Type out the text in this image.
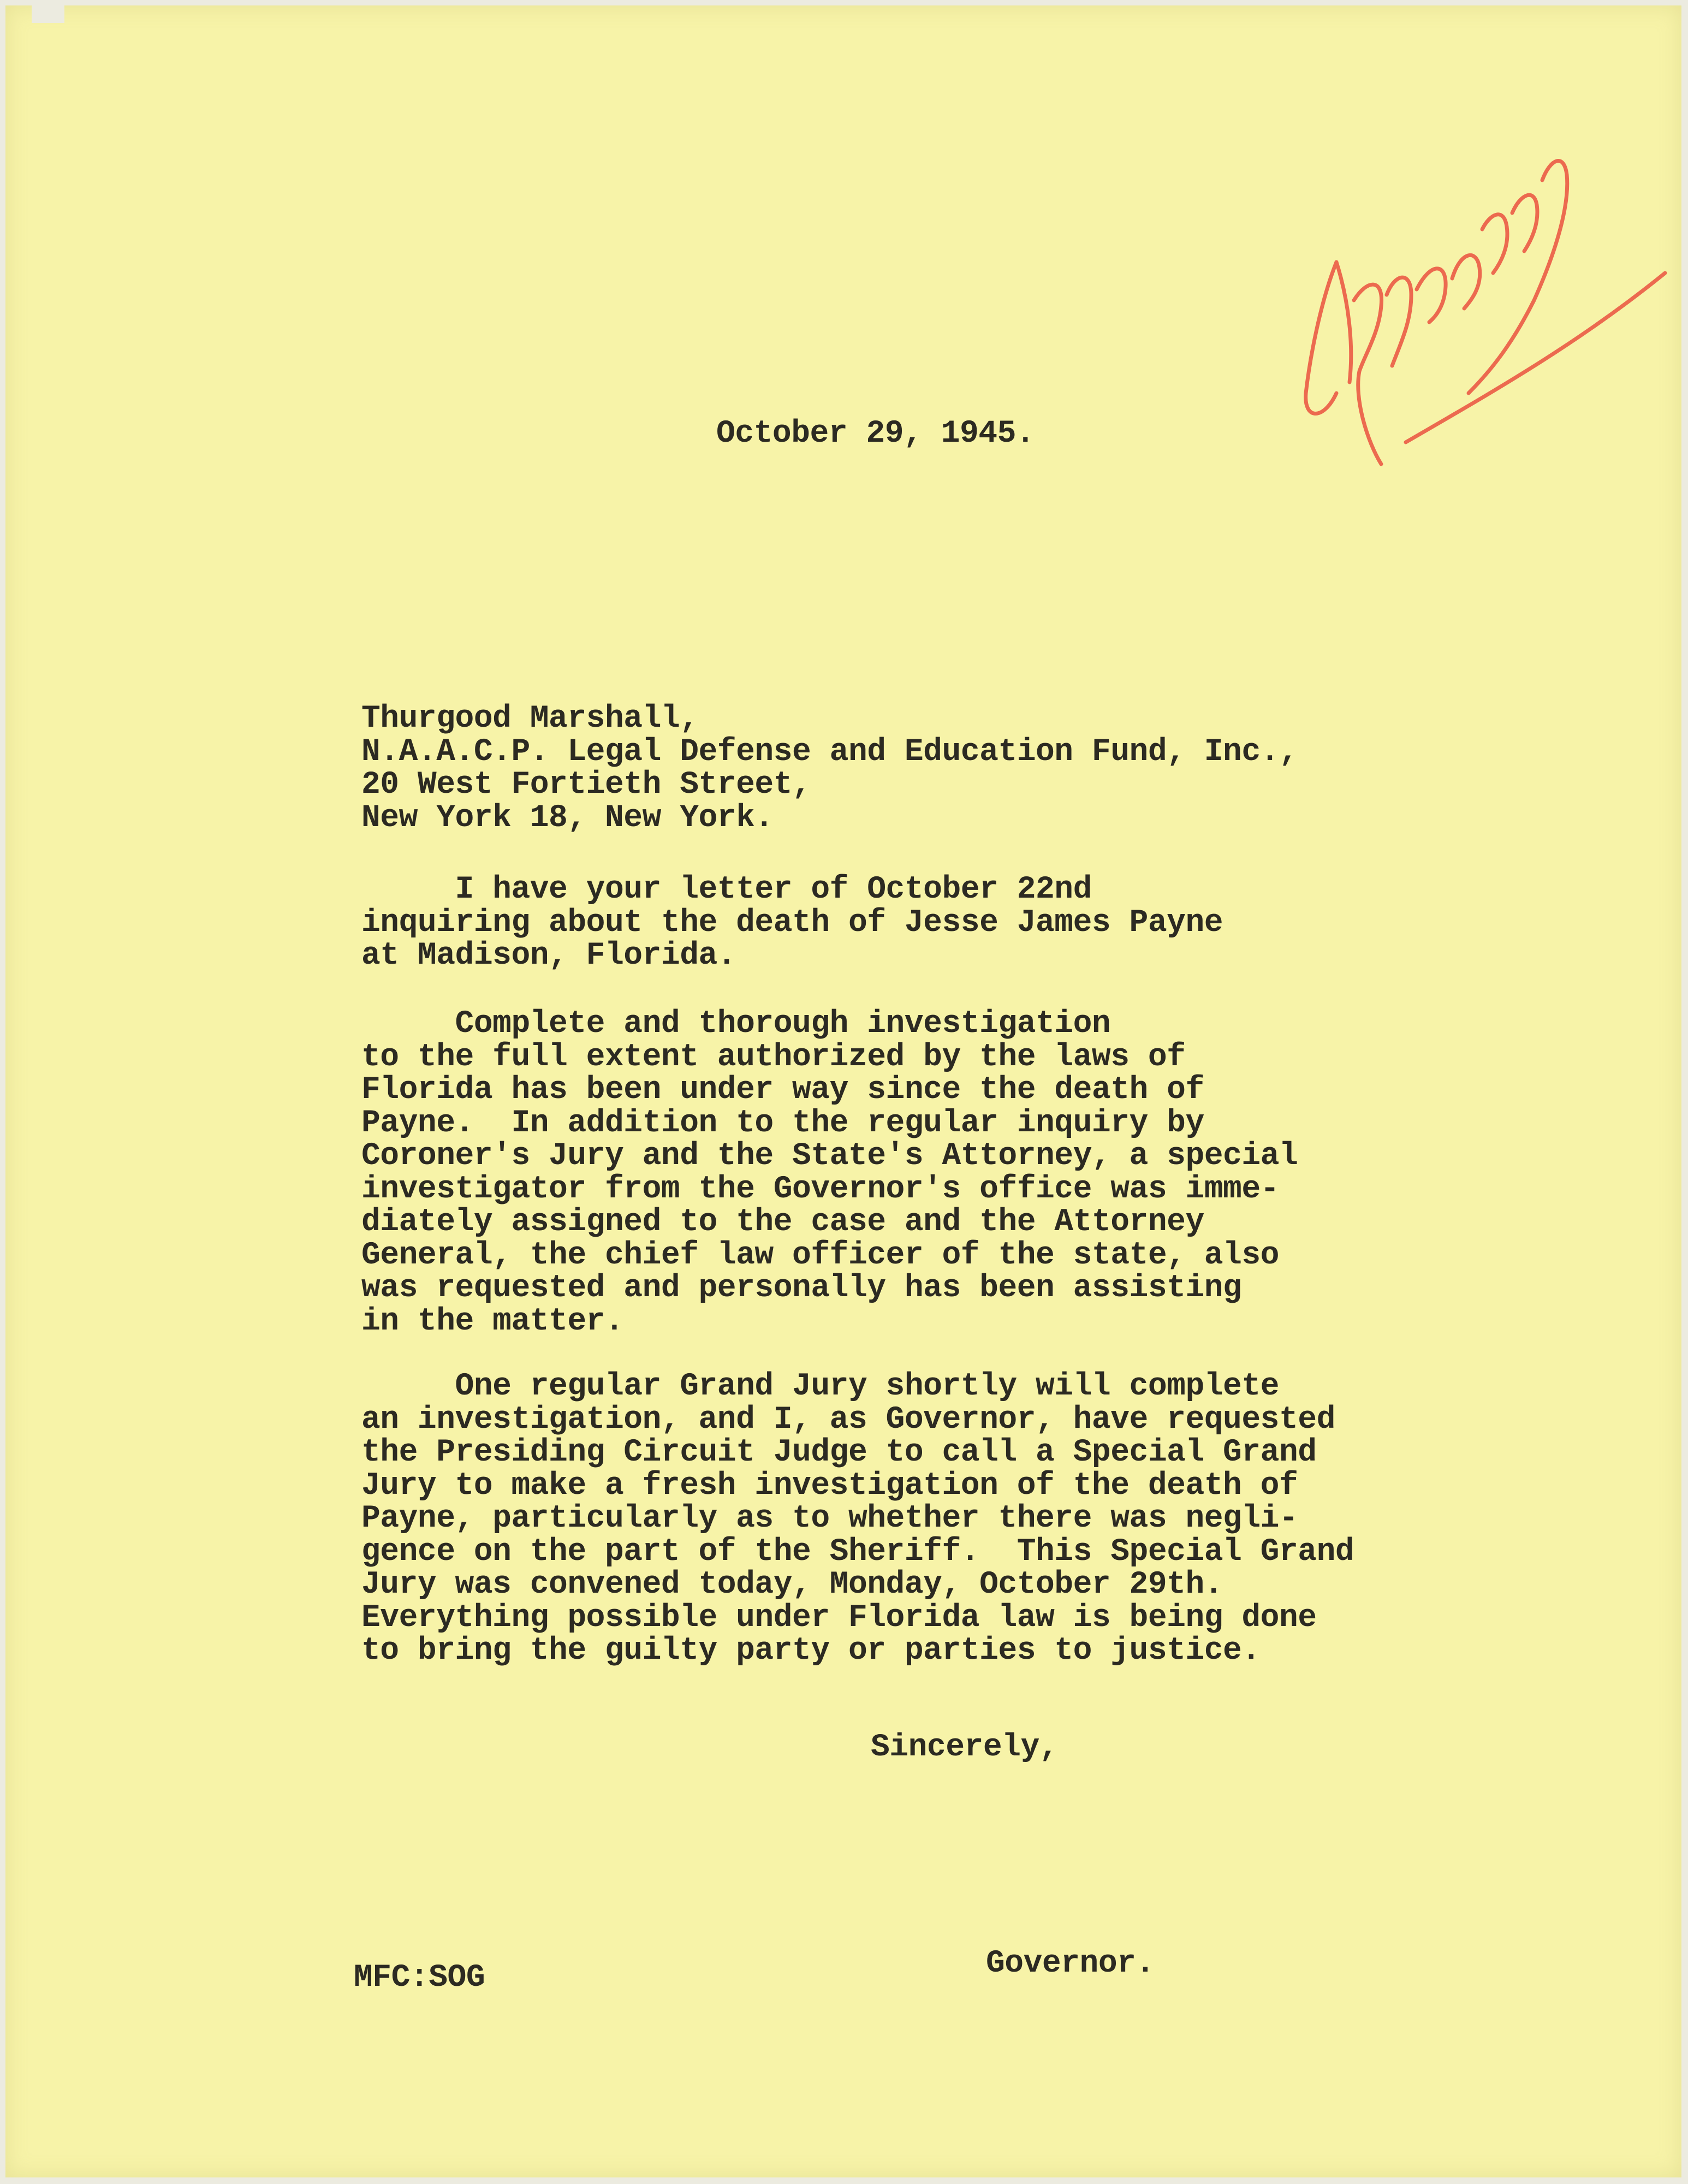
October 29, 1945.

Thurgood Marshall,
N.A.A.C.P. Legal Defense and Education Fund, Inc.,
20 West Fortieth Street,
New York 18, New York.

I have your letter of October 22nd
inquiring about the death of Jesse James Payne
at Madison, Florida.
Complete and thorough investigation
to the full extent authorized by the laws of
Florida has been under way since the death of
Payne.  In addition to the regular inquiry by
Coroner's Jury and the State's Attorney, a special
investigator from the Governor's office was imme-
diately assigned to the case and the Attorney
General, the chief law officer of the state, also
was requested and personally has been assisting
in the matter.
One regular Grand Jury shortly will complete
an investigation, and I, as Governor, have requested
the Presiding Circuit Judge to call a Special Grand
Jury to make a fresh investigation of the death of
Payne, particularly as to whether there was negli-
gence on the part of the Sheriff.  This Special Grand
Jury was convened today, Monday, October 29th.
Everything possible under Florida law is being done
to bring the guilty party or parties to justice.
Sincerely,
Governor.
MFC:SOG
